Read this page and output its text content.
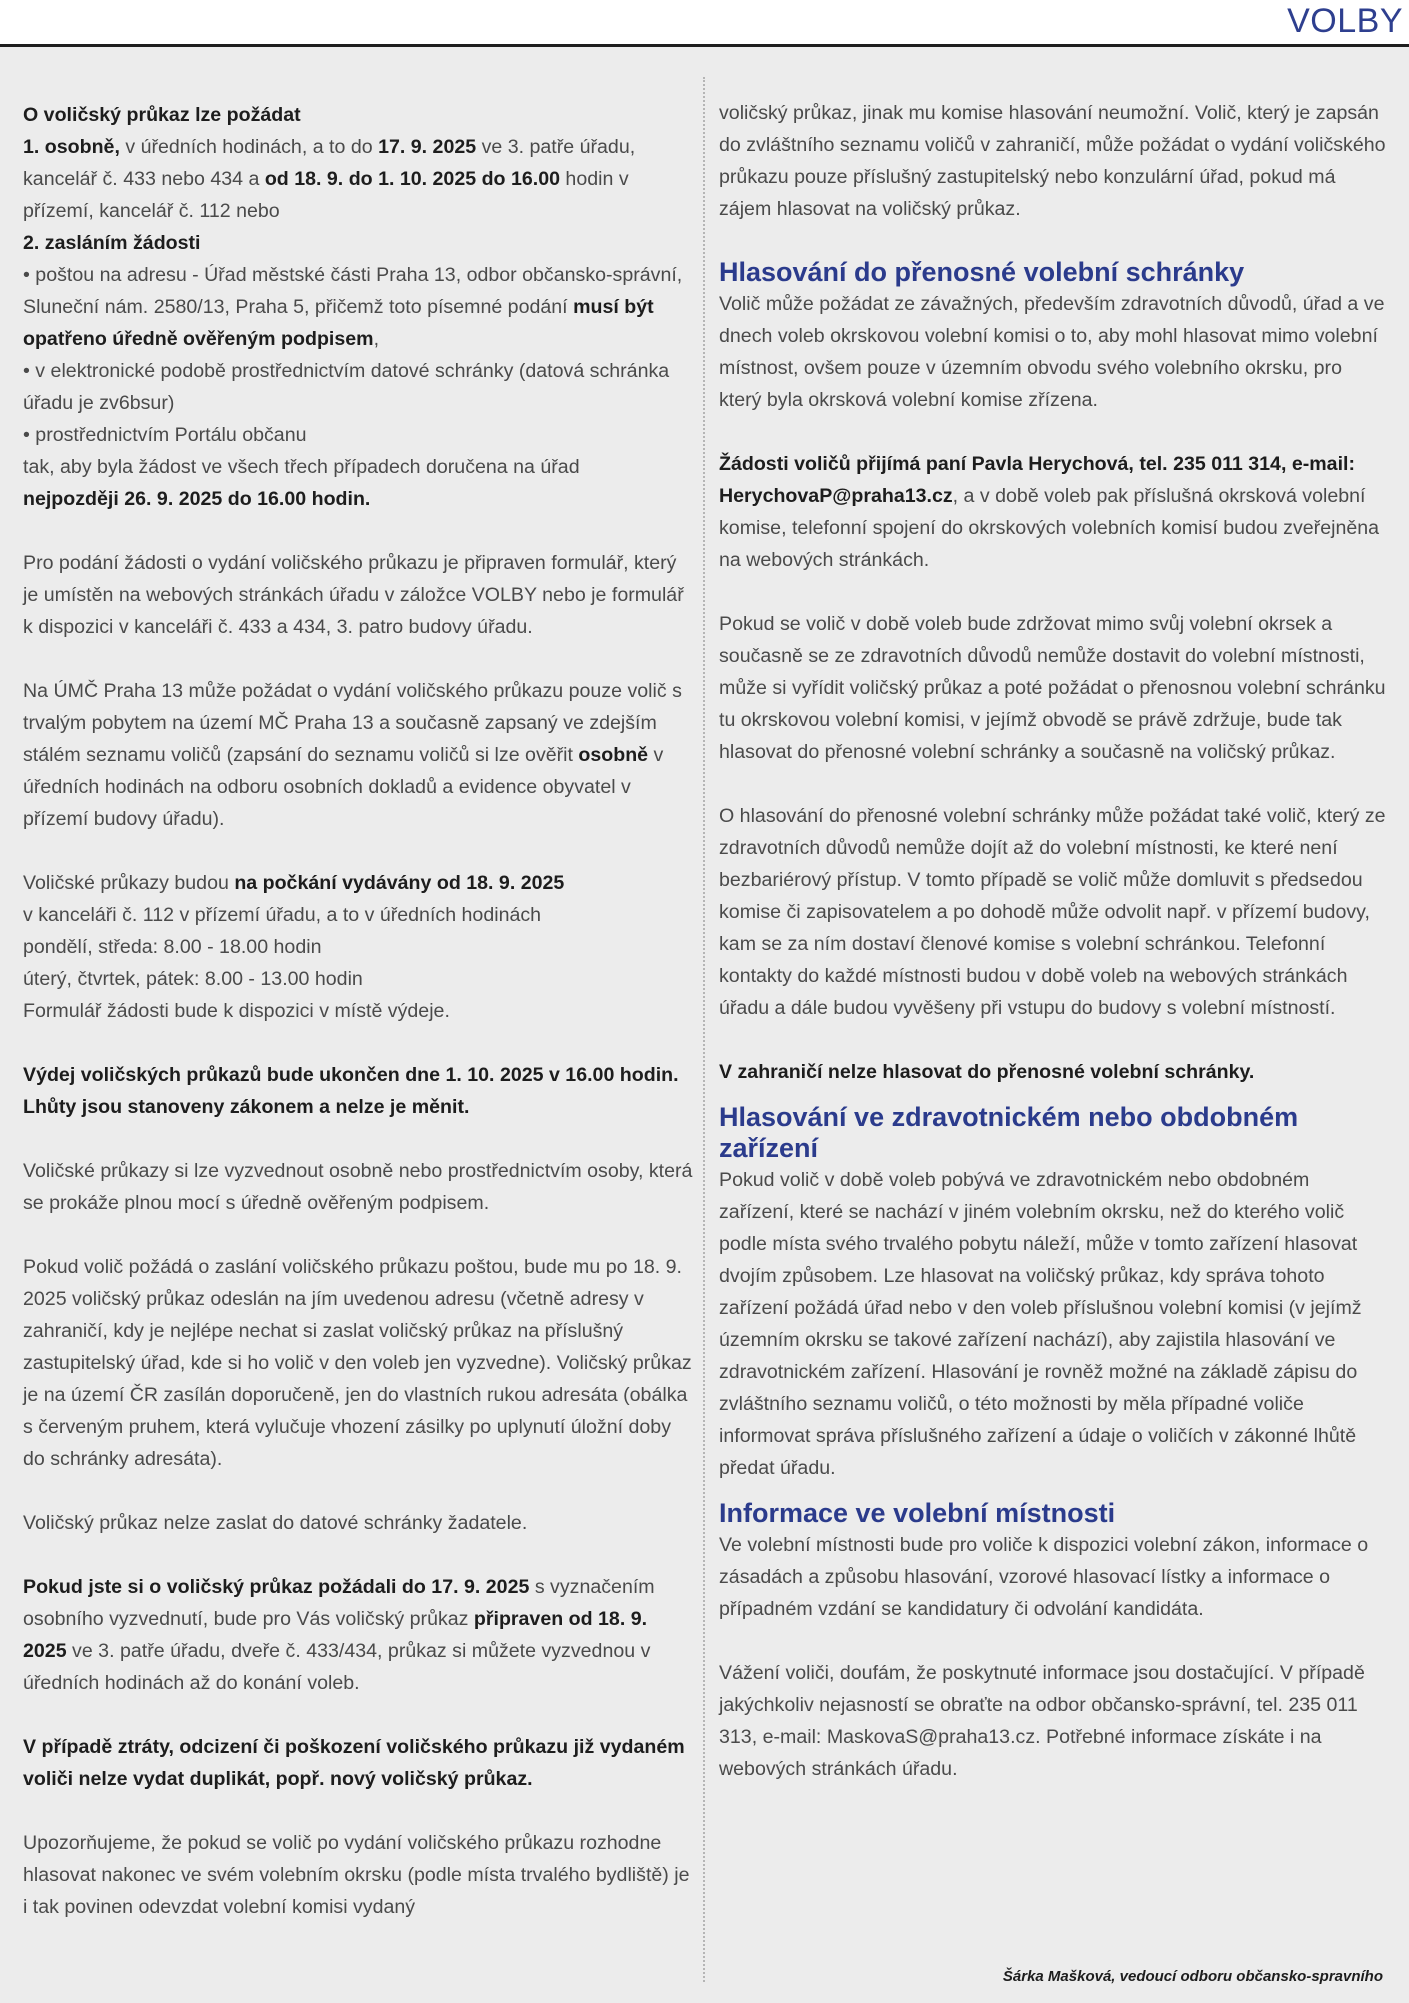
VOLBY
O voličský průkaz lze požádat
1. osobně, v úředních hodinách, a to do 17. 9. 2025 ve 3. patře úřadu, kancelář č. 433 nebo 434 a od 18. 9. do 1. 10. 2025 do 16.00 hodin v přízemí, kancelář č. 112 nebo
2. zasláním žádosti
• poštou na adresu - Úřad městské části Praha 13, odbor občansko-správní, Sluneční nám. 2580/13, Praha 5, přičemž toto písemné podání musí být opatřeno úředně ověřeným podpisem,
• v elektronické podobě prostřednictvím datové schránky (datová schránka úřadu je zv6bsur)
• prostřednictvím Portálu občanu
tak, aby byla žádost ve všech třech případech doručena na úřad

nejpozději 26. 9. 2025 do 16.00 hodin.

Pro podání žádosti o vydání voličského průkazu je připraven formulář, který je umístěn na webových stránkách úřadu v záložce VOLBY nebo je formulář k dispozici v kanceláři č. 433 a 434, 3. patro budovy úřadu.

Na ÚMČ Praha 13 může požádat o vydání voličského průkazu pouze volič s trvalým pobytem na území MČ Praha 13 a současně zapsaný ve zdejším stálém seznamu voličů (zapsání do seznamu voličů si lze ověřit osobně v úředních hodinách na odboru osobních dokladů a evidence obyvatel v přízemí budovy úřadu).

Voličské průkazy budou na počkání vydávány od 18. 9. 2025
v kanceláři č. 112 v přízemí úřadu, a to v úředních hodinách
pondělí, středa: 8.00 - 18.00 hodin
úterý, čtvrtek, pátek: 8.00 - 13.00 hodin
Formulář žádosti bude k dispozici v místě výdeje.

Výdej voličských průkazů bude ukončen dne 1. 10. 2025 v 16.00 hodin. Lhůty jsou stanoveny zákonem a nelze je měnit.

Voličské průkazy si lze vyzvednout osobně nebo prostřednictvím osoby, která se prokáže plnou mocí s úředně ověřeným podpisem.

Pokud volič požádá o zaslání voličského průkazu poštou, bude mu po 18. 9. 2025 voličský průkaz odeslán na jím uvedenou adresu (včetně adresy v zahraničí, kdy je nejlépe nechat si zaslat voličský průkaz na příslušný zastupitelský úřad, kde si ho volič v den voleb jen vyzvedne). Voličský průkaz je na území ČR zasílán doporučeně, jen do vlastních rukou adresáta (obálka s červeným pruhem, která vylučuje vhození zásilky po uplynutí úložní doby do schránky adresáta).

Voličský průkaz nelze zaslat do datové schránky žadatele.

Pokud jste si o voličský průkaz požádali do 17. 9. 2025 s vyznačením osobního vyzvednutí, bude pro Vás voličský průkaz připraven od 18. 9. 2025 ve 3. patře úřadu, dveře č. 433/434, průkaz si můžete vyzvednou v úředních hodinách až do konání voleb.

V případě ztráty, odcizení či poškození voličského průkazu již vydaném voliči nelze vydat duplikát, popř. nový voličský průkaz.

Upozorňujeme, že pokud se volič po vydání voličského průkazu rozhodne hlasovat nakonec ve svém volebním okrsku (podle místa trvalého bydliště) je i tak povinen odevzdat volební komisi vydaný

voličský průkaz, jinak mu komise hlasování neumožní. Volič, který je zapsán do zvláštního seznamu voličů v zahraničí, může požádat o vydání voličského průkazu pouze příslušný zastupitelský nebo konzulární úřad, pokud má zájem hlasovat na voličský průkaz.

Hlasování do přenosné volební schránky

Volič může požádat ze závažných, především zdravotních důvodů, úřad a ve dnech voleb okrskovou volební komisi o to, aby mohl hlasovat mimo volební místnost, ovšem pouze v územním obvodu svého volebního okrsku, pro který byla okrsková volební komise zřízena.

Žádosti voličů přijímá paní Pavla Herychová, tel. 235 011 314, e-mail: HerychovaP@praha13.cz, a v době voleb pak příslušná okrsková volební komise, telefonní spojení do okrskových volebních komisí budou zveřejněna na webových stránkách.

Pokud se volič v době voleb bude zdržovat mimo svůj volební okrsek a současně se ze zdravotních důvodů nemůže dostavit do volební místnosti, může si vyřídit voličský průkaz a poté požádat o přenosnou volební schránku tu okrskovou volební komisi, v jejímž obvodě se právě zdržuje, bude tak hlasovat do přenosné volební schránky a současně na voličský průkaz.

O hlasování do přenosné volební schránky může požádat také volič, který ze zdravotních důvodů nemůže dojít až do volební místnosti, ke které není bezbariérový přístup. V tomto případě se volič může domluvit s předsedou komise či zapisovatelem a po dohodě může odvolit např. v přízemí budovy, kam se za ním dostaví členové komise s volební schránkou. Telefonní kontakty do každé místnosti budou v době voleb na webových stránkách úřadu a dále budou vyvěšeny při vstupu do budovy s volební místností.

V zahraničí nelze hlasovat do přenosné volební schránky.

Hlasování ve zdravotnickém nebo obdobném zařízení

Pokud volič v době voleb pobývá ve zdravotnickém nebo obdobném zařízení, které se nachází v jiném volebním okrsku, než do kterého volič podle místa svého trvalého pobytu náleží, může v tomto zařízení hlasovat dvojím způsobem. Lze hlasovat na voličský průkaz, kdy správa tohoto zařízení požádá úřad nebo v den voleb příslušnou volební komisi (v jejímž územním okrsku se takové zařízení nachází), aby zajistila hlasování ve zdravotnickém zařízení. Hlasování je rovněž možné na základě zápisu do zvláštního seznamu voličů, o této možnosti by měla případné voliče informovat správa příslušného zařízení a údaje o voličích v zákonné lhůtě předat úřadu.

Informace ve volební místnosti

Ve volební místnosti bude pro voliče k dispozici volební zákon, informace o zásadách a způsobu hlasování, vzorové hlasovací lístky a informace o případném vzdání se kandidatury či odvolání kandidáta.

Vážení voliči, doufám, že poskytnuté informace jsou dostačující. V případě jakýchkoliv nejasností se obraťte na odbor občansko-správní, tel. 235 011 313, e-mail: MaskovaS@praha13.cz. Potřebné informace získáte i na webových stránkách úřadu.

Šárka Mašková, vedoucí odboru občansko-spravního
